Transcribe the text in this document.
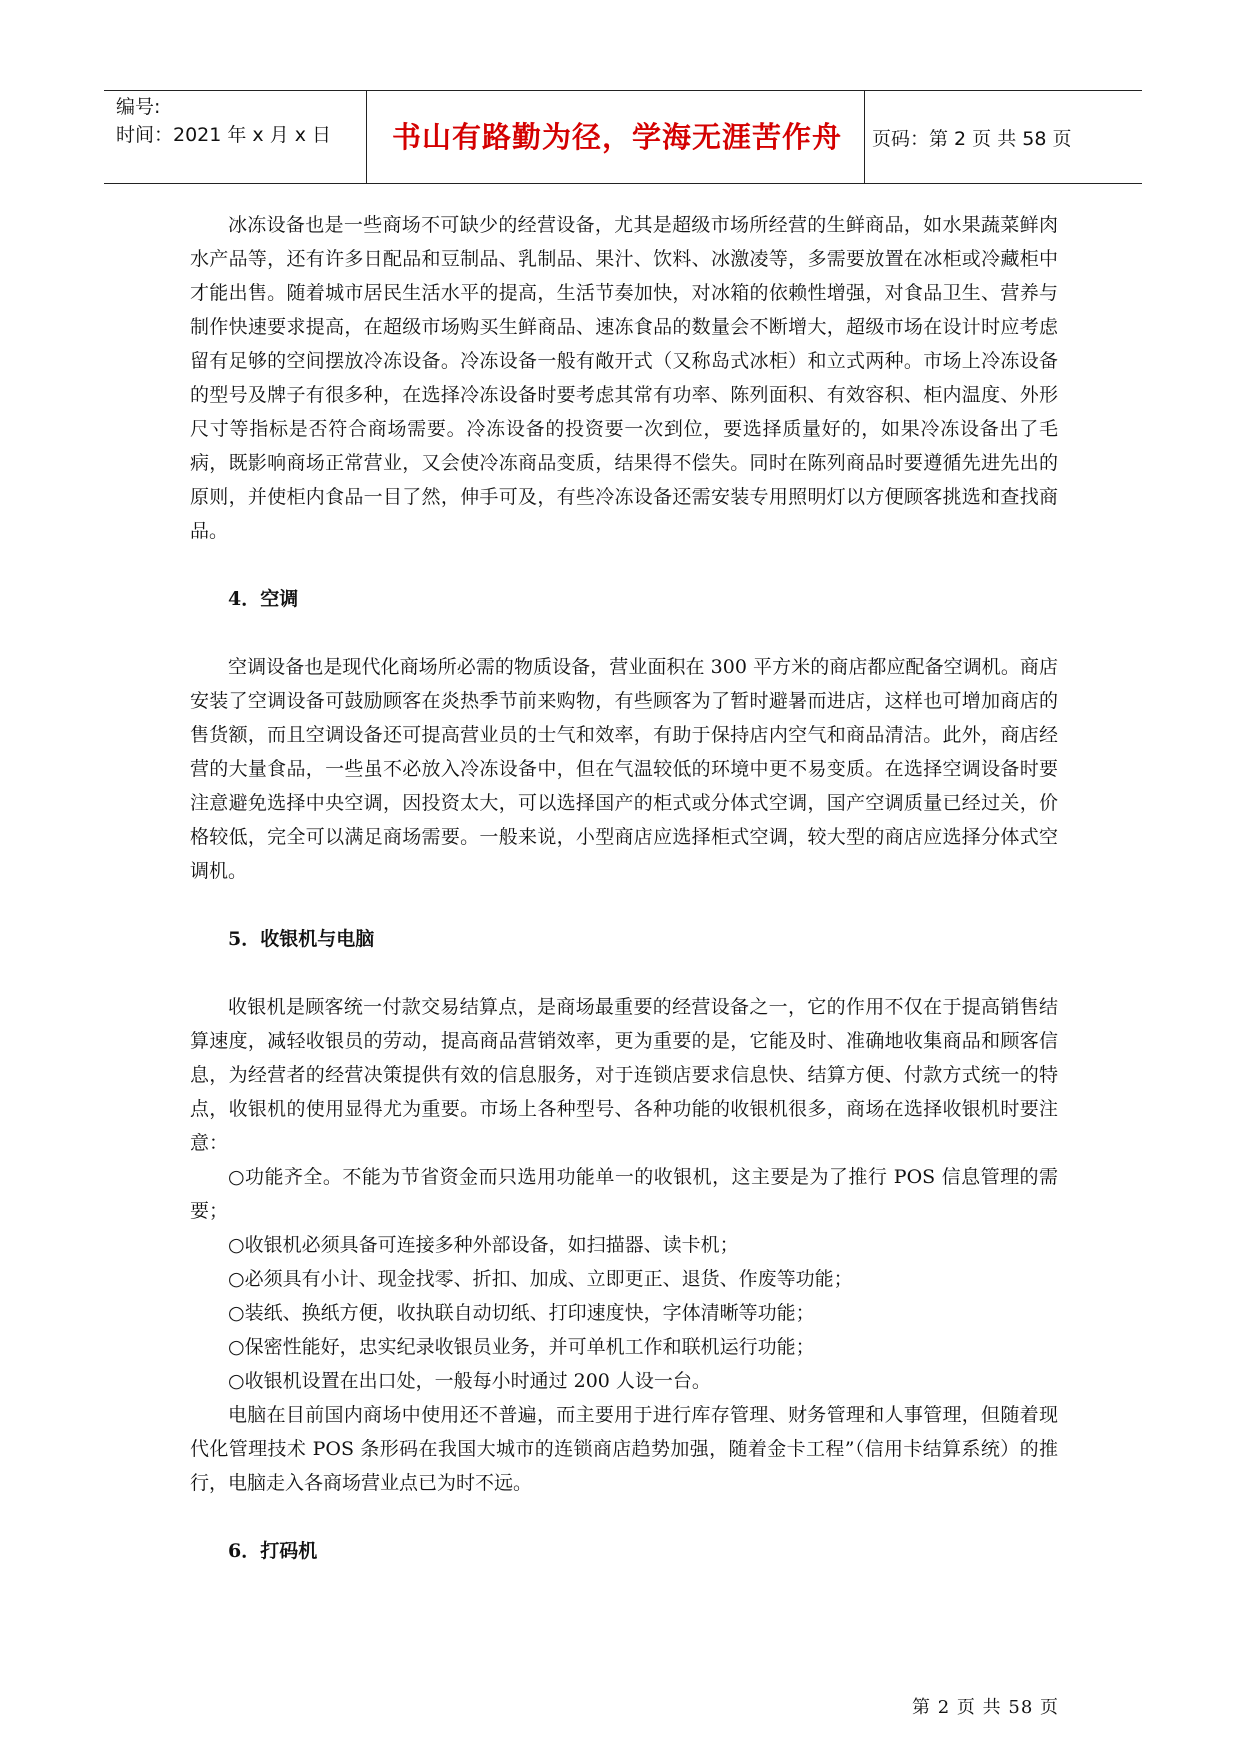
编号:
时间：2021 年 x 月 x 日	书山有路勤为径，学海无涯苦作舟	页码：第 2 页 共 58 页

冰冻设备也是一些商场不可缺少的经营设备，尤其是超级市场所经营的生鲜商品，如水果蔬菜鲜肉水产品等，还有许多日配品和豆制品、乳制品、果汁、饮料、冰激凌等，多需要放置在冰柜或冷藏柜中才能出售。随着城市居民生活水平的提高，生活节奏加快，对冰箱的依赖性增强，对食品卫生、营养与制作快速要求提高，在超级市场购买生鲜商品、速冻食品的数量会不断增大，超级市场在设计时应考虑留有足够的空间摆放冷冻设备。冷冻设备一般有敞开式（又称岛式冰柜）和立式两种。市场上冷冻设备的型号及牌子有很多种，在选择冷冻设备时要考虑其常有功率、陈列面积、有效容积、柜内温度、外形尺寸等指标是否符合商场需要。冷冻设备的投资要一次到位，要选择质量好的，如果冷冻设备出了毛病，既影响商场正常营业，又会使冷冻商品变质，结果得不偿失。同时在陈列商品时要遵循先进先出的原则，并使柜内食品一目了然，伸手可及，有些冷冻设备还需安装专用照明灯以方便顾客挑选和查找商品。

4．空调

空调设备也是现代化商场所必需的物质设备，营业面积在 300 平方米的商店都应配备空调机。商店安装了空调设备可鼓励顾客在炎热季节前来购物，有些顾客为了暂时避暑而进店，这样也可增加商店的售货额，而且空调设备还可提高营业员的士气和效率，有助于保持店内空气和商品清洁。此外，商店经营的大量食品，一些虽不必放入冷冻设备中，但在气温较低的环境中更不易变质。在选择空调设备时要注意避免选择中央空调，因投资太大，可以选择国产的柜式或分体式空调，国产空调质量已经过关，价格较低，完全可以满足商场需要。一般来说，小型商店应选择柜式空调，较大型的商店应选择分体式空调机。

5．收银机与电脑

收银机是顾客统一付款交易结算点，是商场最重要的经营设备之一，它的作用不仅在于提高销售结算速度，减轻收银员的劳动，提高商品营销效率，更为重要的是，它能及时、准确地收集商品和顾客信息，为经营者的经营决策提供有效的信息服务，对于连锁店要求信息快、结算方便、付款方式统一的特点，收银机的使用显得尤为重要。市场上各种型号、各种功能的收银机很多，商场在选择收银机时要注意：

○功能齐全。不能为节省资金而只选用功能单一的收银机，这主要是为了推行 POS 信息管理的需要；

○收银机必须具备可连接多种外部设备，如扫描器、读卡机；

○必须具有小计、现金找零、折扣、加成、立即更正、退货、作废等功能；

○装纸、换纸方便，收执联自动切纸、打印速度快，字体清晰等功能；

○保密性能好，忠实纪录收银员业务，并可单机工作和联机运行功能；

○收银机设置在出口处，一般每小时通过 200 人设一台。

电脑在目前国内商场中使用还不普遍，而主要用于进行库存管理、财务管理和人事管理，但随着现代化管理技术 POS 条形码在我国大城市的连锁商店趋势加强，随着金卡工程”（信用卡结算系统）的推行，电脑走入各商场营业点已为时不远。

6．打码机

第 2 页 共 58 页
